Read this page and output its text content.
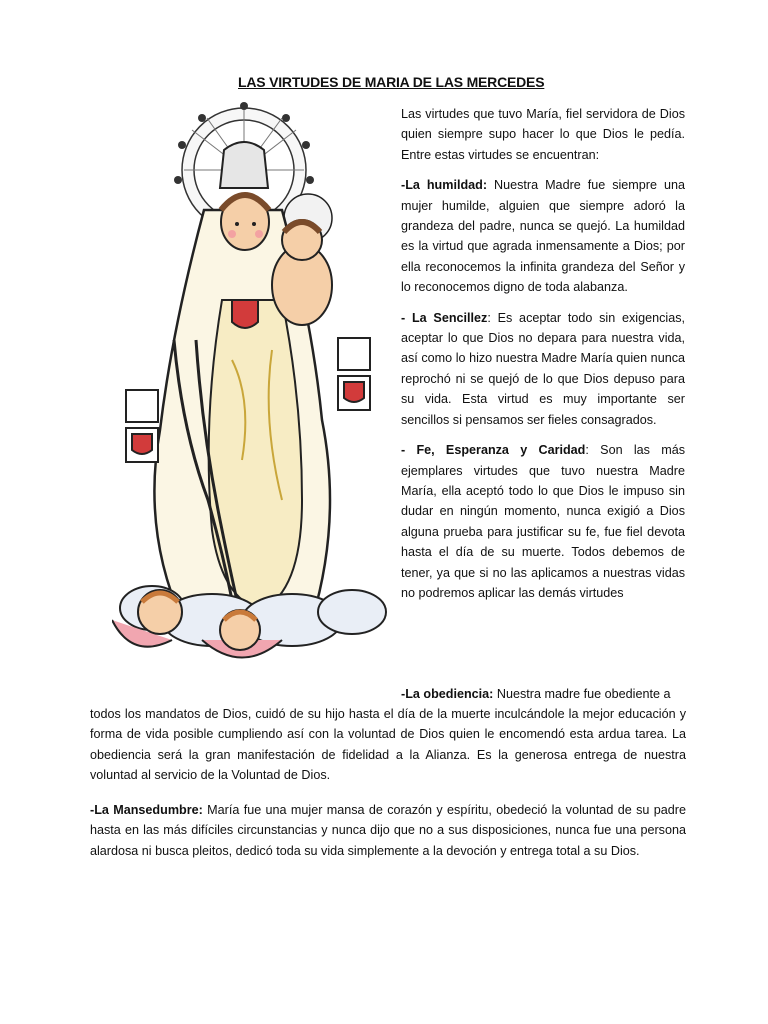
LAS VIRTUDES DE MARIA DE LAS MERCEDES

Las virtudes que tuvo María, fiel servidora de Dios quien siempre supo hacer lo que Dios le pedía. Entre estas virtudes se encuentran:

-La humildad: Nuestra Madre fue siempre una mujer humilde, alguien que siempre adoró la grandeza del padre, nunca se quejó. La humildad es la virtud que agrada inmensamente a Dios; por ella reconocemos la infinita grandeza del Señor y lo reconocemos digno de toda alabanza.

- La Sencillez: Es aceptar todo sin exigencias, aceptar lo que Dios no depara para nuestra vida, así como lo hizo nuestra Madre María quien nunca reprochó ni se quejó de lo que Dios depuso para su vida. Esta virtud es muy importante ser sencillos si pensamos ser fieles consagrados.

- Fe, Esperanza y Caridad: Son las más ejemplares virtudes que tuvo nuestra Madre María, ella aceptó todo lo que Dios le impuso sin dudar en ningún momento, nunca exigió a Dios alguna prueba para justificar su fe, fue fiel devota hasta el día de su muerte. Todos debemos de tener, ya que si no las aplicamos a nuestras vidas no podremos aplicar las demás virtudes

-La obediencia: Nuestra madre fue obediente a

todos los mandatos de Dios, cuidó de su hijo hasta el día de la muerte inculcándole la mejor educación y forma de vida posible cumpliendo así con la voluntad de Dios quien le encomendó esta ardua tarea. La obediencia será la gran manifestación de fidelidad a la Alianza. Es la generosa entrega de nuestra voluntad al servicio de la Voluntad de Dios.

-La Mansedumbre: María fue una mujer mansa de corazón y espíritu, obedeció la voluntad de su padre hasta en las más difíciles circunstancias y nunca dijo que no a sus disposiciones, nunca fue una persona alardosa ni busca pleitos, dedicó toda su vida simplemente a la devoción y entrega total a su Dios.
